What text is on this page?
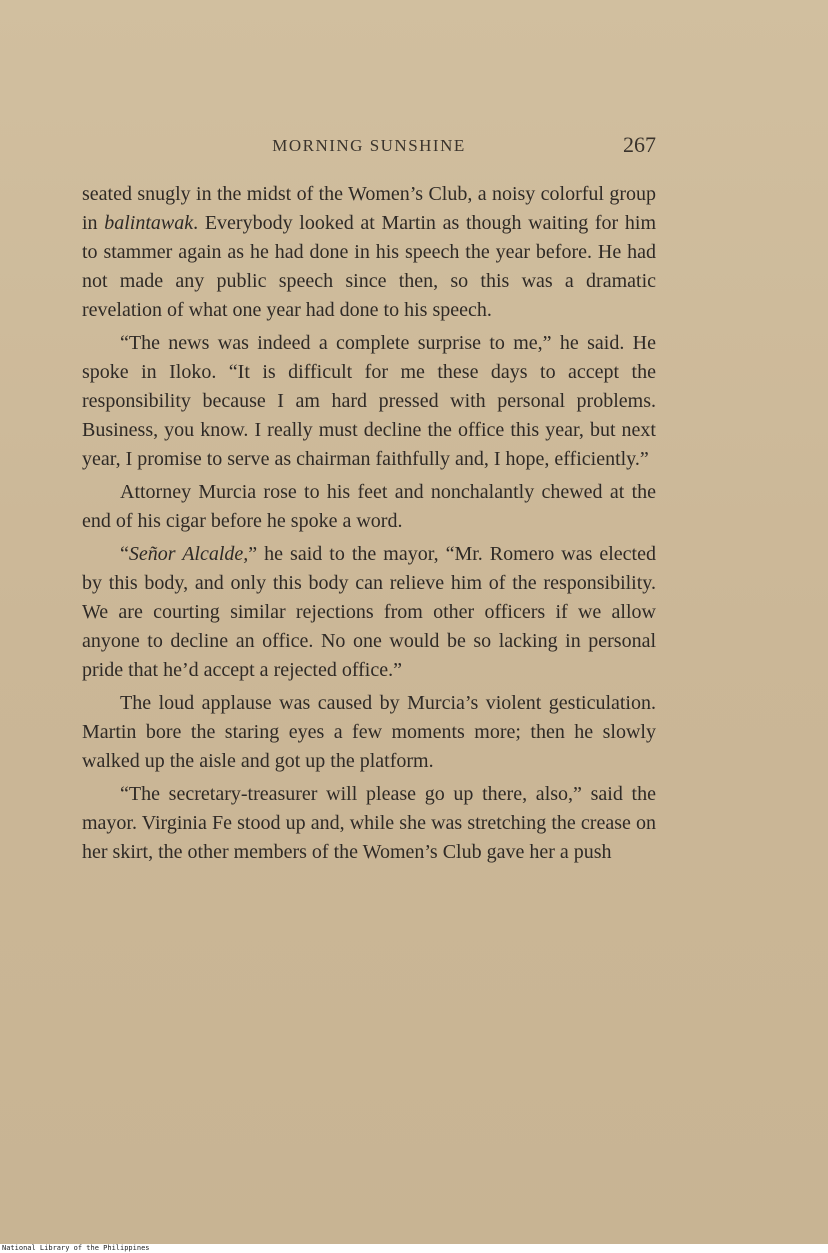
MORNING SUNSHINE	267

seated snugly in the midst of the Women’s Club, a noisy colorful group in balintawak. Everybody looked at Martin as though waiting for him to stammer again as he had done in his speech the year before. He had not made any public speech since then, so this was a dramatic revelation of what one year had done to his speech.

“The news was indeed a complete surprise to me,” he said. He spoke in Iloko. “It is difficult for me these days to accept the responsibility because I am hard pressed with personal problems. Business, you know. I really must decline the office this year, but next year, I promise to serve as chairman faithfully and, I hope, efficiently.”

Attorney Murcia rose to his feet and nonchalantly chewed at the end of his cigar before he spoke a word.

“Señor Alcalde,” he said to the mayor, “Mr. Romero was elected by this body, and only this body can relieve him of the responsibility. We are courting similar rejections from other officers if we allow anyone to decline an office. No one would be so lacking in personal pride that he’d accept a rejected office.”

The loud applause was caused by Murcia’s violent gesticulation. Martin bore the staring eyes a few moments more; then he slowly walked up the aisle and got up the platform.

“The secretary-treasurer will please go up there, also,” said the mayor. Virginia Fe stood up and, while she was stretching the crease on her skirt, the other members of the Women’s Club gave her a push

National Library of the Philippines
